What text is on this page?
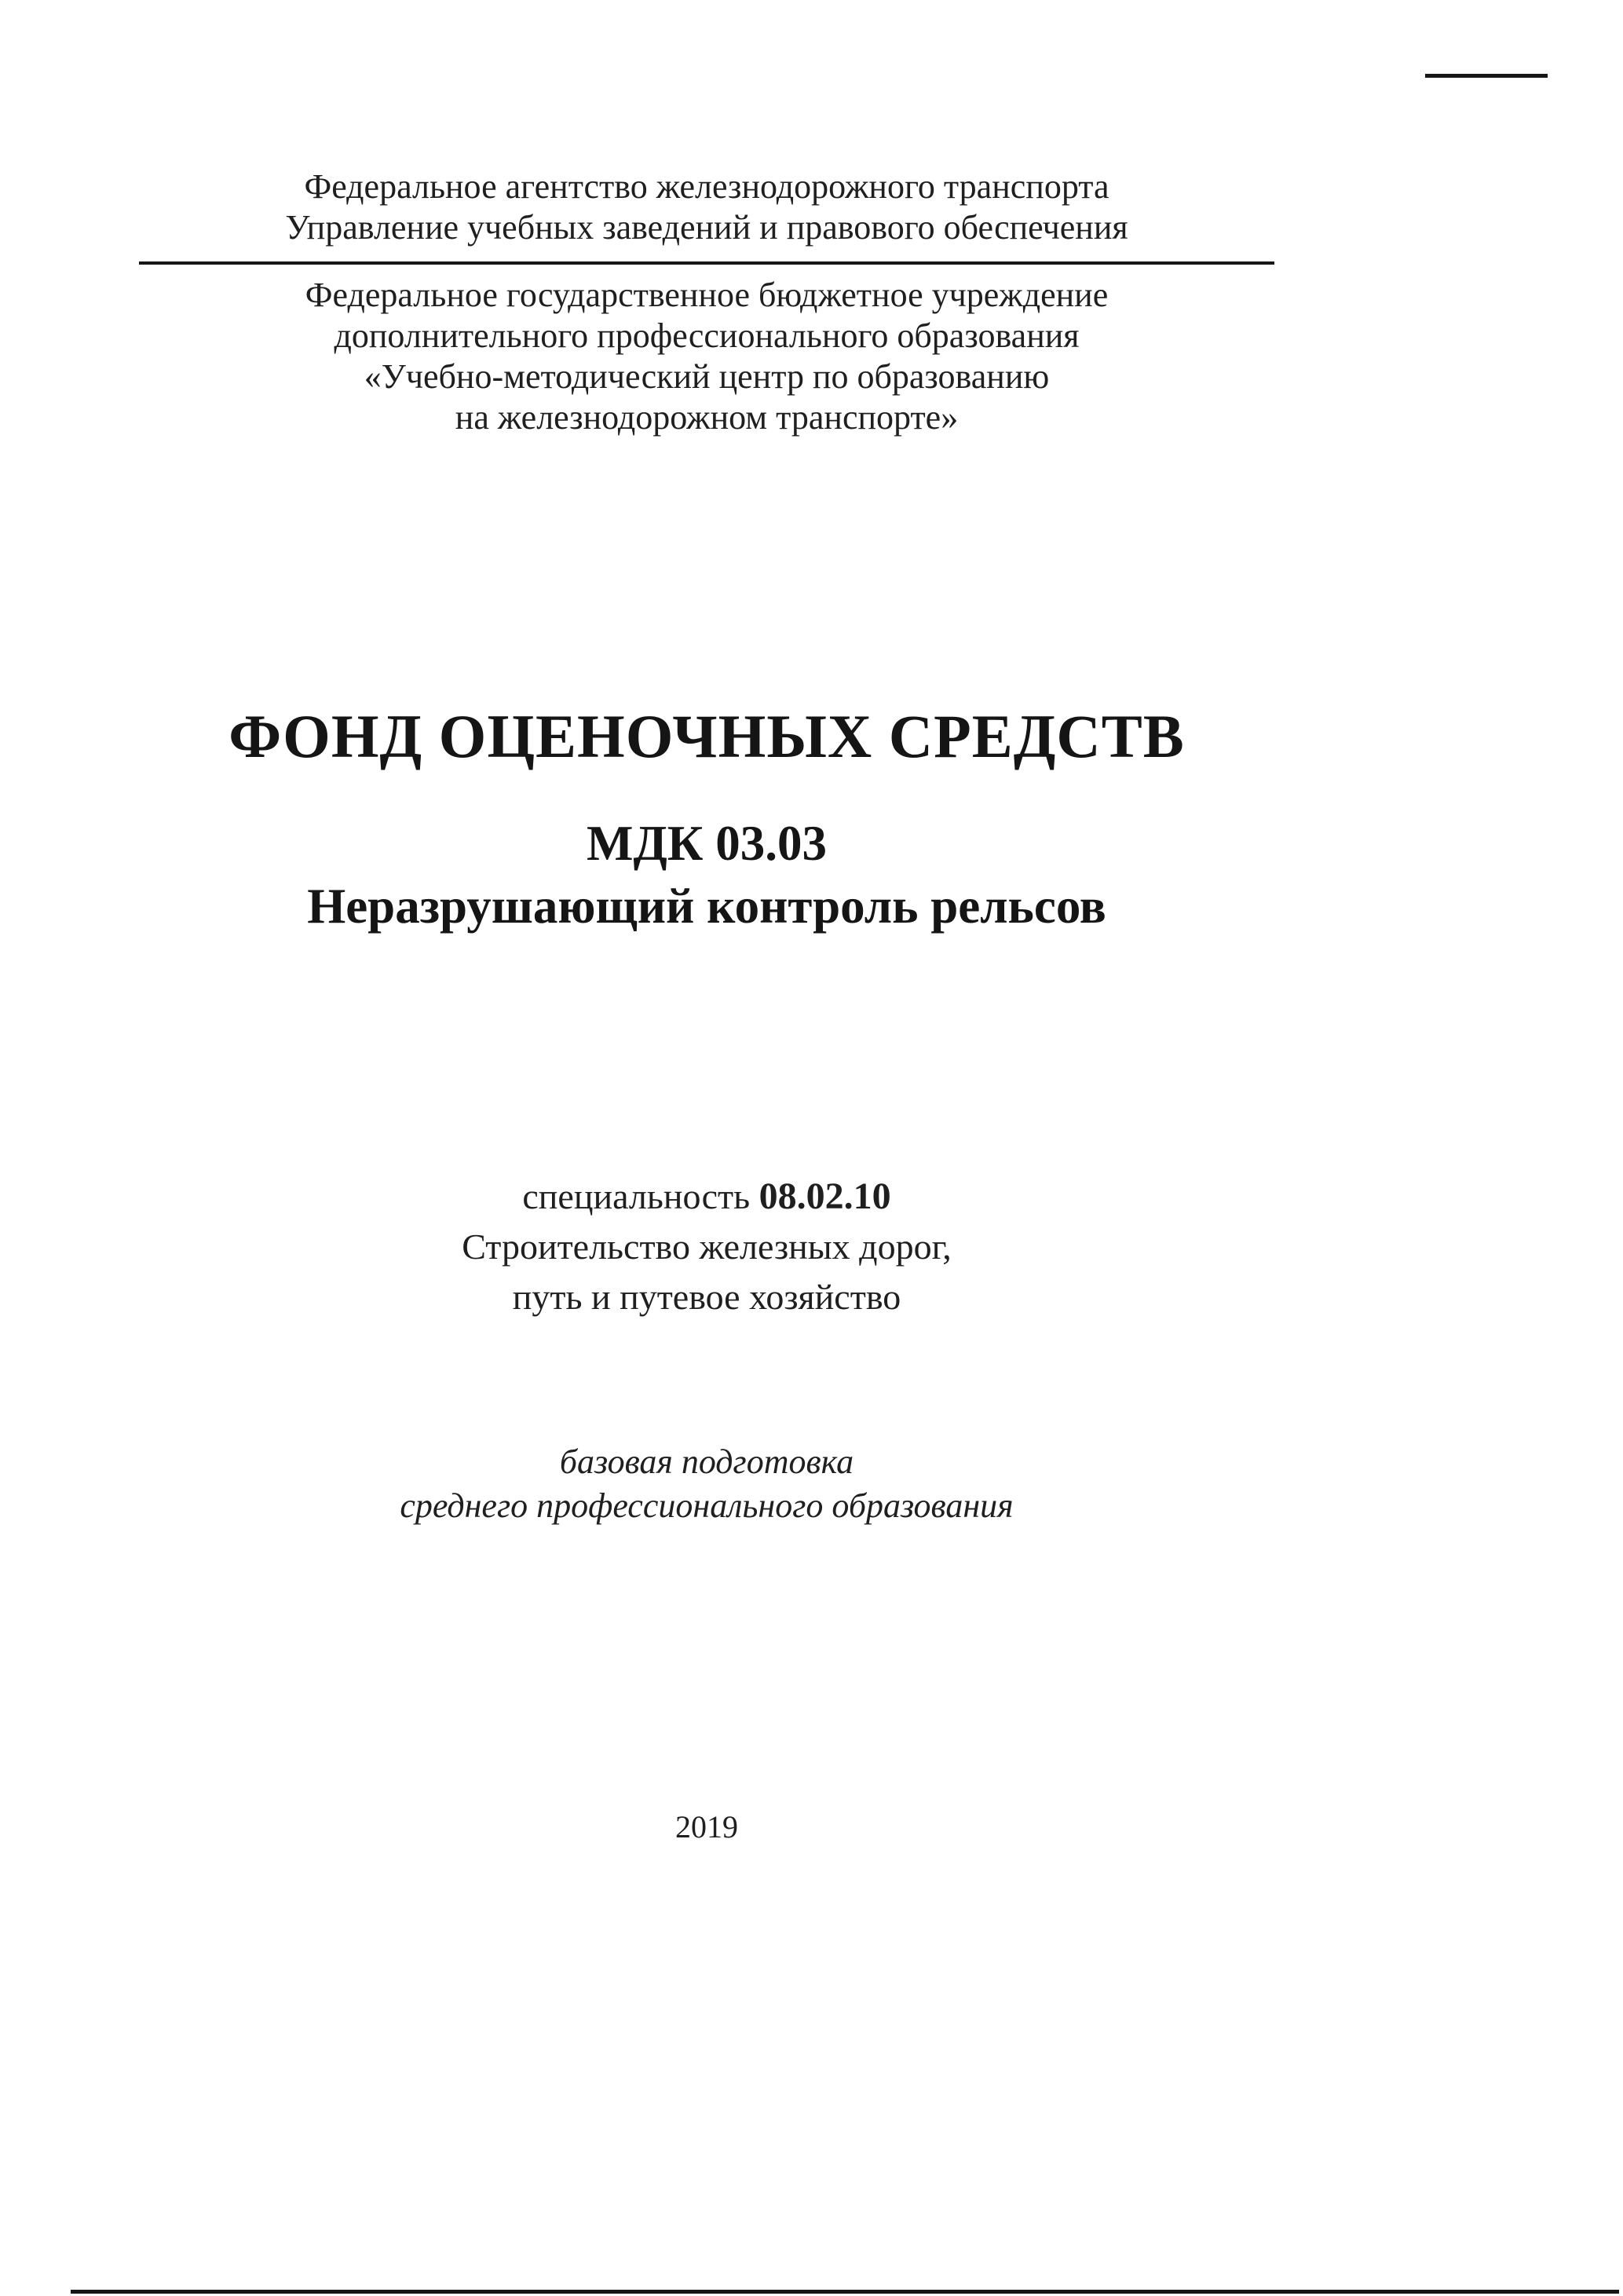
Федеральное агентство железнодорожного транспорта
Управление учебных заведений и правового обеспечения
Федеральное государственное бюджетное учреждение
дополнительного профессионального образования
«Учебно-методический центр по образованию
на железнодорожном транспорте»
ФОНД ОЦЕНОЧНЫХ СРЕДСТВ
МДК 03.03
Неразрушающий контроль рельсов
специальность 08.02.10
Строительство железных дорог,
путь и путевое хозяйство
базовая подготовка
среднего профессионального образования
2019
